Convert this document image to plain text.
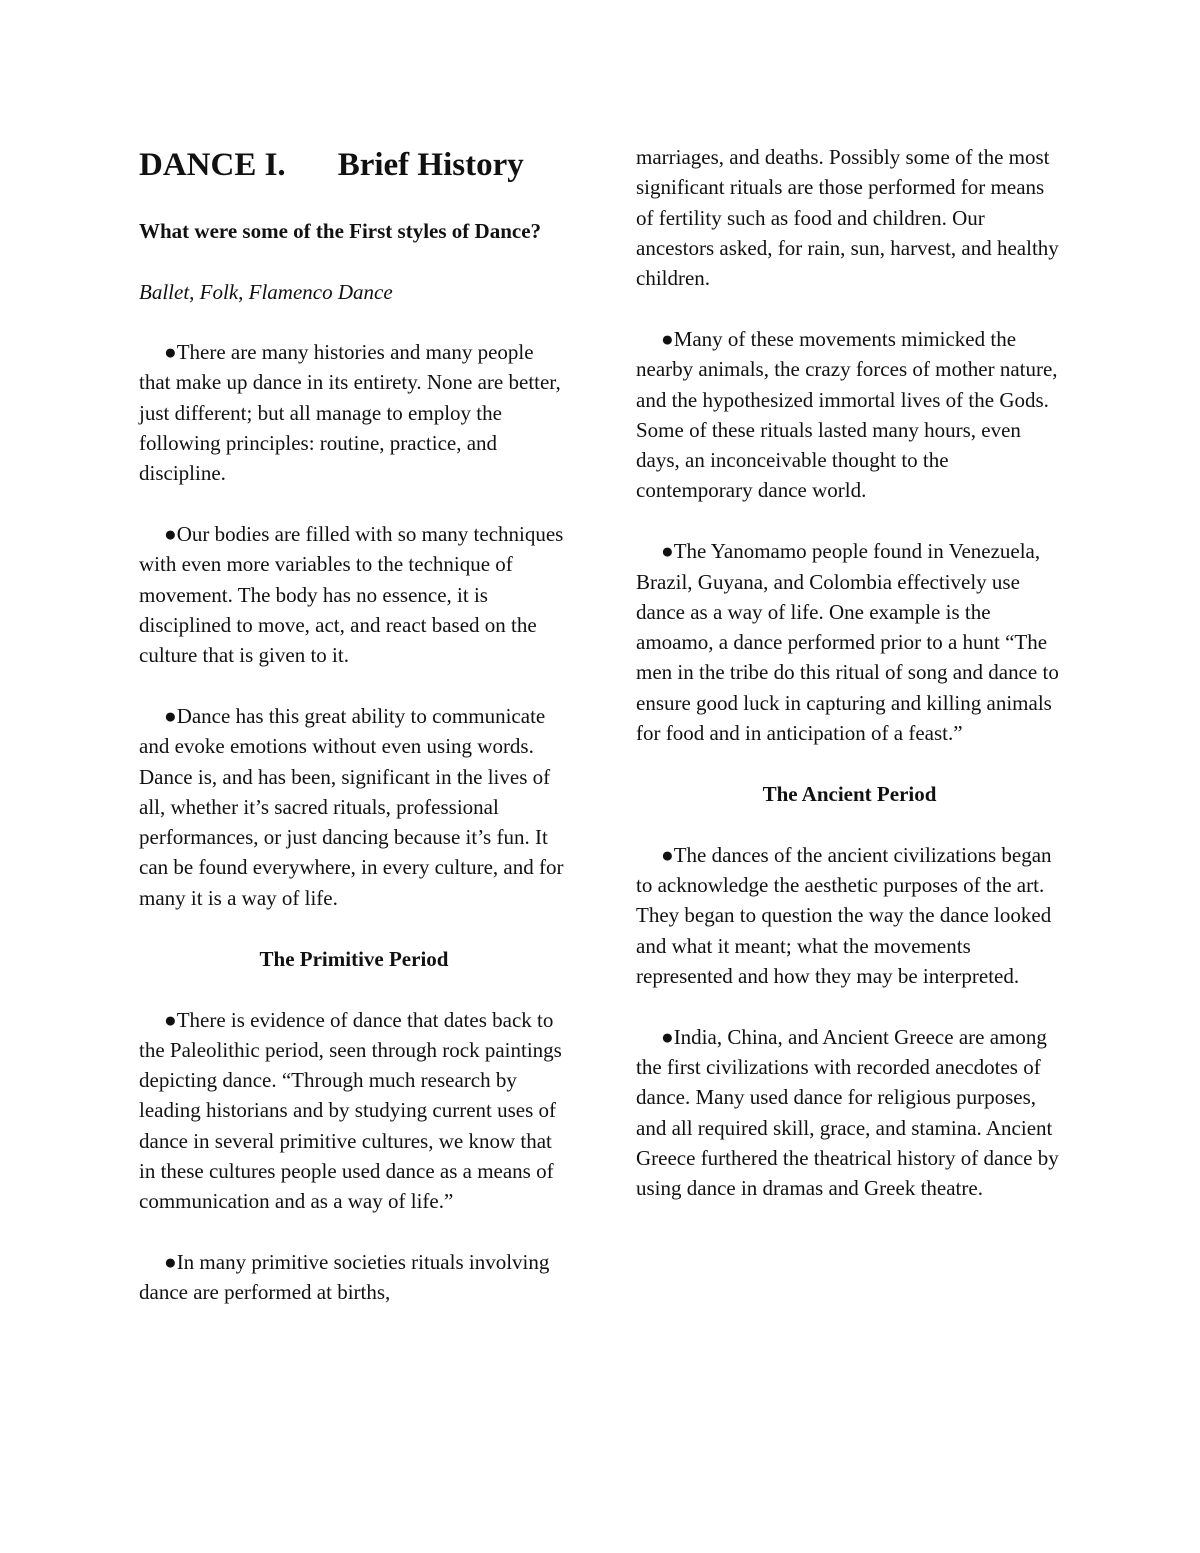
DANCE I. Brief History

What were some of the First styles of Dance?

Ballet, Folk, Flamenco Dance

●There are many histories and many people that make up dance in its entirety. None are better, just different; but all manage to employ the following principles: routine, practice, and discipline.

●Our bodies are filled with so many techniques with even more variables to the technique of movement. The body has no essence, it is disciplined to move, act, and react based on the culture that is given to it.

●Dance has this great ability to communicate and evoke emotions without even using words. Dance is, and has been, significant in the lives of all, whether it’s sacred rituals, professional performances, or just dancing because it’s fun. It can be found everywhere, in every culture, and for many it is a way of life.

The Primitive Period

●There is evidence of dance that dates back to the Paleolithic period, seen through rock paintings depicting dance. “Through much research by leading historians and by studying current uses of dance in several primitive cultures, we know that in these cultures people used dance as a means of communication and as a way of life.”

●In many primitive societies rituals involving dance are performed at births,

marriages, and deaths. Possibly some of the most significant rituals are those performed for means of fertility such as food and children. Our ancestors asked, for rain, sun, harvest, and healthy children.

●Many of these movements mimicked the nearby animals, the crazy forces of mother nature, and the hypothesized immortal lives of the Gods. Some of these rituals lasted many hours, even days, an inconceivable thought to the contemporary dance world.

●The Yanomamo people found in Venezuela, Brazil, Guyana, and Colombia effectively use dance as a way of life. One example is the amoamo, a dance performed prior to a hunt “The men in the tribe do this ritual of song and dance to ensure good luck in capturing and killing animals for food and in anticipation of a feast.”

The Ancient Period

●The dances of the ancient civilizations began to acknowledge the aesthetic purposes of the art. They began to question the way the dance looked and what it meant; what the movements represented and how they may be interpreted.

●India, China, and Ancient Greece are among the first civilizations with recorded anecdotes of dance. Many used dance for religious purposes, and all required skill, grace, and stamina. Ancient Greece furthered the theatrical history of dance by using dance in dramas and Greek theatre.
